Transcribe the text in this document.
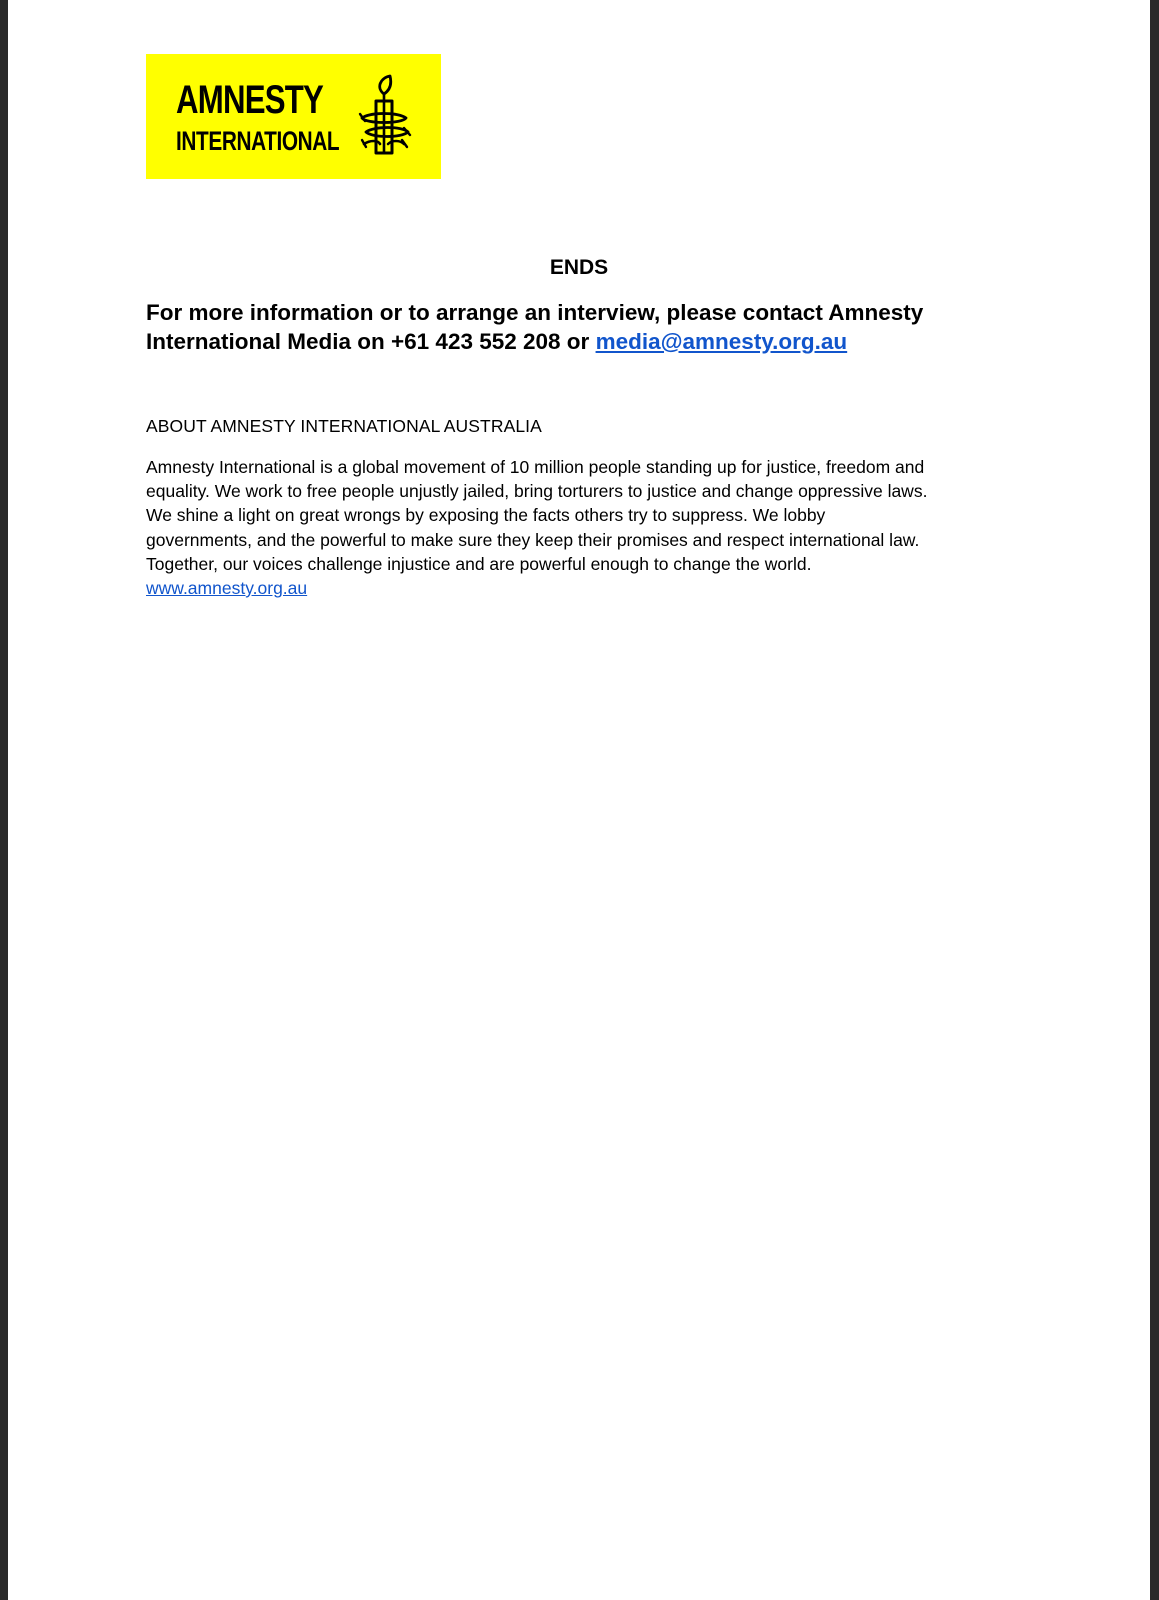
AMNESTY
INTERNATIONAL
ENDS
For more information or to arrange an interview, please contact Amnesty
International Media on +61 423 552 208 or media@amnesty.org.au
ABOUT AMNESTY INTERNATIONAL AUSTRALIA
Amnesty International is a global movement of 10 million people standing up for justice, freedom and
equality. We work to free people unjustly jailed, bring torturers to justice and change oppressive laws.
We shine a light on great wrongs by exposing the facts others try to suppress. We lobby
governments, and the powerful to make sure they keep their promises and respect international law.
Together, our voices challenge injustice and are powerful enough to change the world.
www.amnesty.org.au
